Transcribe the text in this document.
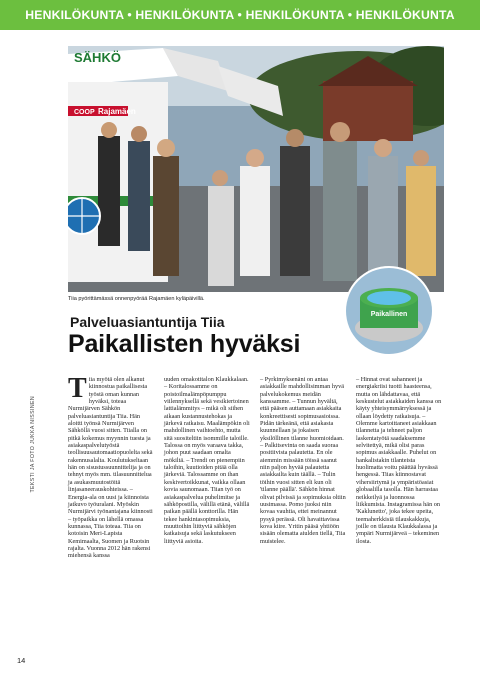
HENKILÖKUNTA • HENKILÖKUNTA • HENKILÖKUNTA • HENKILÖKUNTA
SÄHKÖ
Rajamäen
COOP
Tiia pyörittämässä onnenpyörää Rajamäen kyläpäivillä.
Paikallinen
Palveluasiantuntija Tiia
Paikallisten hyväksi
TEKSTI JA FOTO JUKKA NISSINEN
T iia myötä olen alkanut kiinnostua paikallisesta työstä oman kunnan hyväksi, toteaa Nurmijärven Sähkön palveluasiantuntija Tiia. Hän aloitti työnsä Nurmijärven Sähköllä vuosi sitten. Tiialla on pitkä kokemus myynnin tuesta ja asiakaspalvelutyöstä teollisuusautomaatiopuolelta sekä rakennusalalta. Koulutukseltaan hän on sisustussuunnittelija ja on tehnyt myös mm. tilasuunnittelua ja asukasmuutostöitä linjasaneerauskohteissa. – Energia-ala on uusi ja kiinnoista jatkuvo työuralani. Myöskin Nurmijärvi työnantajana kiinnosti – työpaikka on lähellä omassa kunnassa, Tiia toteaa. Tiia on kotoisin Meri-Lapista Kemimaalta, Suomen ja Ruotsin rajalta. Vuonna 2012 hän rakensi miehensä kanssa

uuden omakotitalon Klaukkalaan. – Koritalossamme on poistoilmalämpöpumppu viilennyksellä sekä vesikiertoinen lattialämmitys – mikä oli siihen aikaan kustannustehokas ja järkevä ratkaisu. Maalämpökin oli mahdollinen vaihtoehto, mutta sitä suositeltiin isommille taloille. Talossa on myös varaava takka, johon puut saadaan omalta mökiltä. – Trendi on pienempiin taloihin, kuutioiden pitää olla järkeviä. Talossamme on ihan keskivertoikkunat, vaikka ollaan kovia saunomaan. Tiian työ on asiakaspalvelua puhelimitse ja sähköpostilla, välillä etänä, välillä paikan päällä konttorilla. Hän tekee hankintasopimuksia, muuttoihin liittyviä sähköjen katkaisuja sekä laskutukseen liittyviä asioita.

– Pyrkimyksenäni on antaa asiakkaille mahdollisimman hyvä palvelukokemus meidän kanssamme. – Tunnun hyvältä, että pääsen auttamaan asiakkaita konkreettisesti sopimusasioissa. Pidän tärkeänä, että asiakasta kuunnellaan ja jokaisen yksilöllinen tilanne huomioidaan. – Palkitsevinta on saada suoraa positiivista palautetta. En ole aiemmin missään töissä saanut niin paljon hyvää palautetta asiakkailta kuin täällä. – Tulin töihin vuosi sitten eli kun oli 'tilanne päällä'. Sähkön hinnat olivat pilvissä ja sopimuksia oltiin uusimassa. Pomo juoksi niin kovaa vauhtia, ettei meinannut pysyä perässä. Oli havaittavissa kova kiire. Yritin pääsä yhtiöön sisään olematta aiulden tiellä, Tiia muistelee.

– Hinnat ovat sahanneet ja energiakriisi tuotti haasteensa, mutta on lähdattavaa, että keskustelut asiakkaiden kanssa on käyty yhteisymmärryksessä ja ollaan löydetty ratkaisuja. – Olemme kartoittaneet asiakkaan tilannetta ja tehneet paljon laskentatyötä saadaksemme selvitettyä, mikä olisi paras sopimus asiakkaalle. Puhelut on hankalistakin tilanteista huolimatta voitu päättää hyvässä hengessä. Tiias kiinnostavat vihersiirtymä ja ympäristöasiat globaalilla tasolla. Hän harrastaa neikkeilyä ja luonnossa liikkumista. Instagramissa hän on 'Kaklunetto', joka tekee upeita, teemaherkkisiä tilauskakkuja, joille on tilausta Klaukkalassa ja ympäri Nurmijärveä – tekeminen ilosta.

14
